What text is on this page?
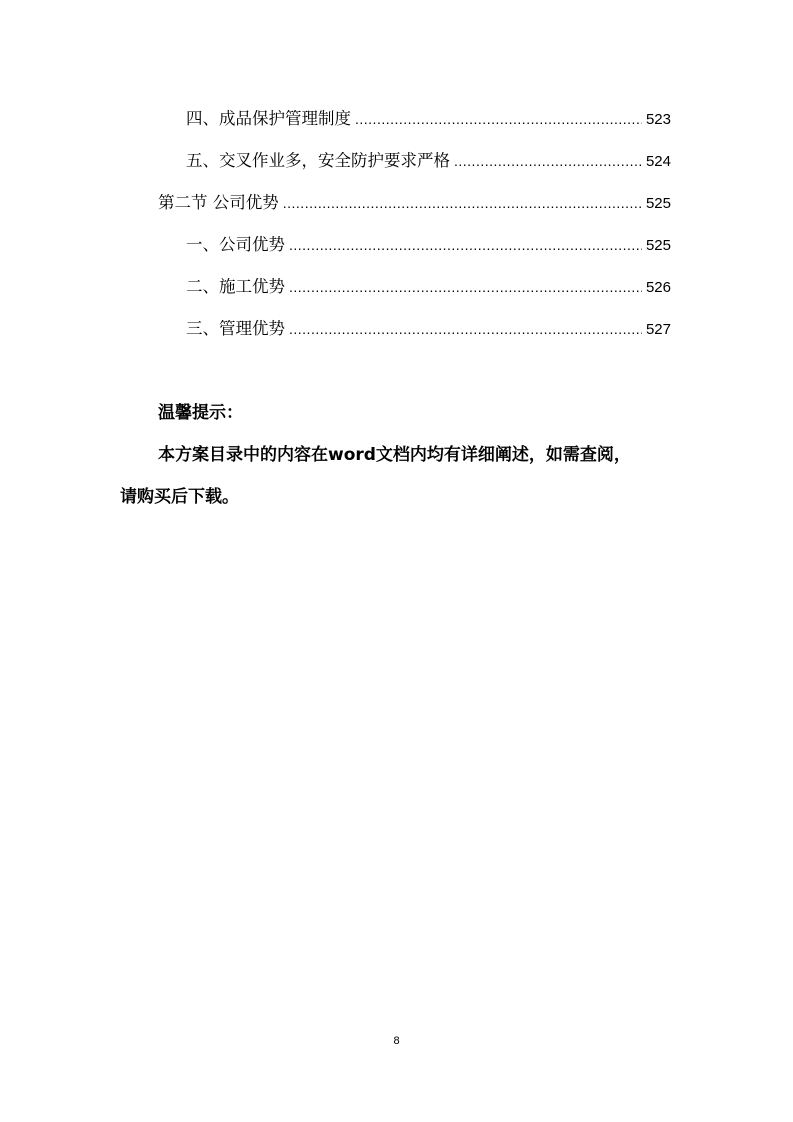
四、成品保护管理制度 .....	523
五、交叉作业多，安全防护要求严格 .....	524
第二节 公司优势 .....	525
一、公司优势 .....	525
二、施工优势 .....	526
三、管理优势 .....	527
温馨提示：
本方案目录中的内容在word文档内均有详细阐述，如需查阅，
请购买后下载。
8
